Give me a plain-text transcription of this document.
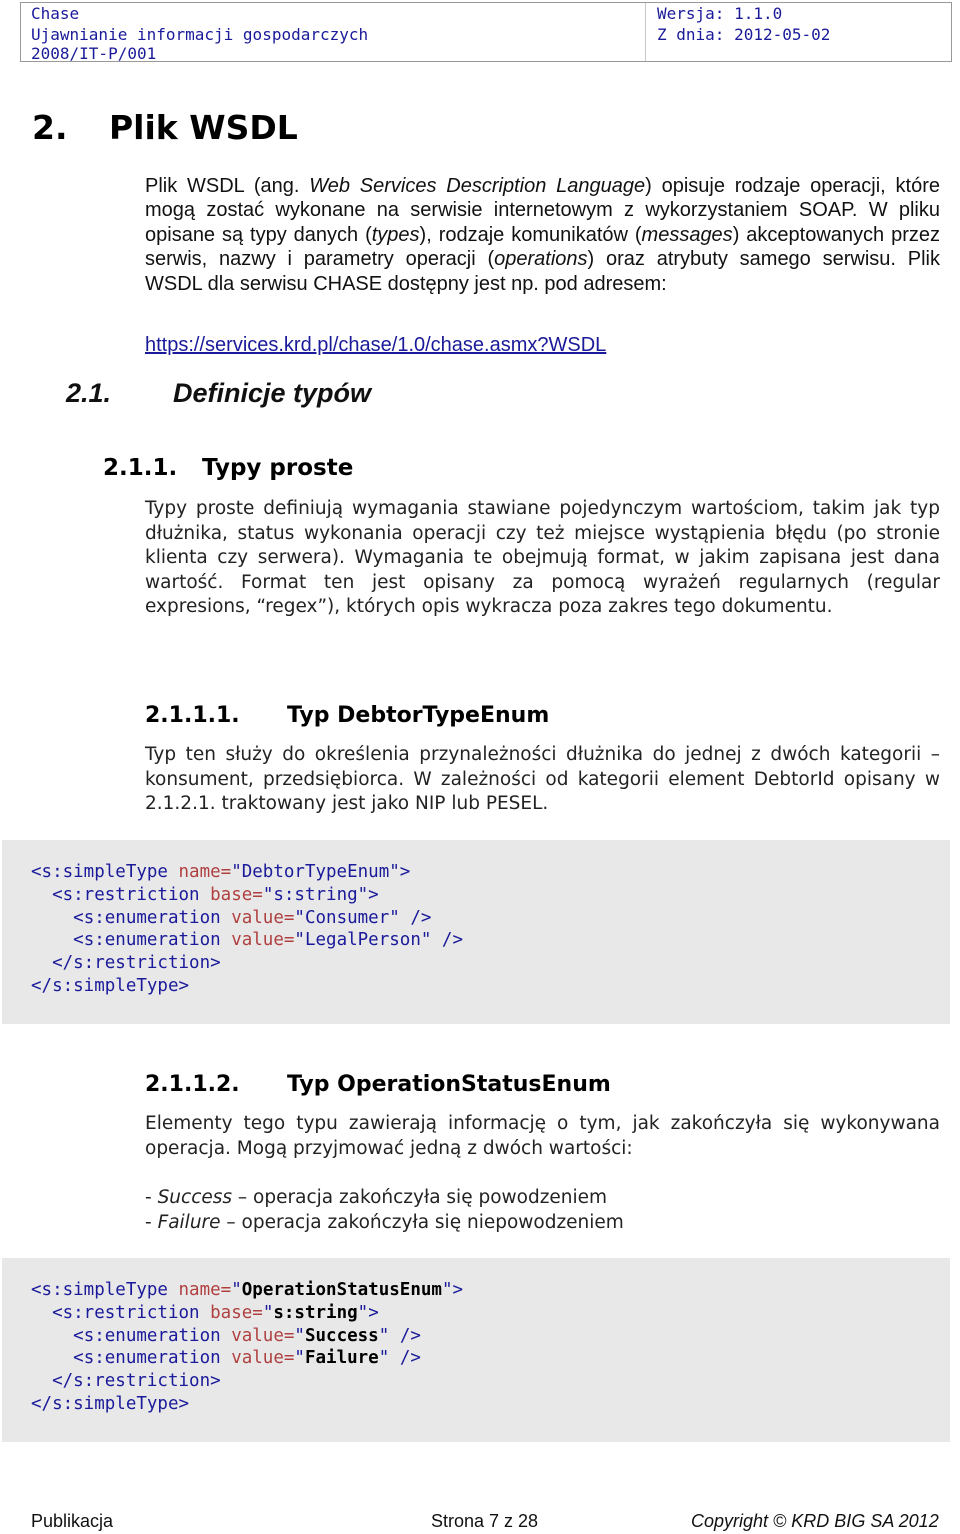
Chase
Ujawnianie informacji gospodarczych
2008/IT-P/001
Wersja: 1.1.0
Z dnia: 2012-05-02
2. Plik WSDL
Plik WSDL (ang. Web Services Description Language) opisuje rodzaje operacji, które mogą zostać wykonane na serwisie internetowym z wykorzystaniem SOAP. W pliku opisane są typy danych (types), rodzaje komunikatów (messages) akceptowanych przez serwis, nazwy i parametry operacji (operations) oraz atrybuty samego serwisu. Plik WSDL dla serwisu CHASE dostępny jest np. pod adresem:
https://services.krd.pl/chase/1.0/chase.asmx?WSDL
2.1. Definicje typów
2.1.1. Typy proste
Typy proste definiują wymagania stawiane pojedynczym wartościom, takim jak typ dłużnika, status wykonania operacji czy też miejsce wystąpienia błędu (po stronie klienta czy serwera). Wymagania te obejmują format, w jakim zapisana jest dana wartość. Format ten jest opisany za pomocą wyrażeń regularnych (regular expresions, “regex”), których opis wykracza poza zakres tego dokumentu.
2.1.1.1. Typ DebtorTypeEnum
Typ ten służy do określenia przynależności dłużnika do jednej z dwóch kategorii – konsument, przedsiębiorca. W zależności od kategorii element DebtorId opisany w 2.1.2.1. traktowany jest jako NIP lub PESEL.
<s:simpleType name="DebtorTypeEnum">
<s:restriction base="s:string">
<s:enumeration value="Consumer" />
<s:enumeration value="LegalPerson" />
</s:restriction>
</s:simpleType>
2.1.1.2. Typ OperationStatusEnum
Elementy tego typu zawierają informację o tym, jak zakończyła się wykonywana operacja. Mogą przyjmować jedną z dwóch wartości:
- Success – operacja zakończyła się powodzeniem
- Failure – operacja zakończyła się niepowodzeniem
<s:simpleType name="OperationStatusEnum">
<s:restriction base="s:string">
<s:enumeration value="Success" />
<s:enumeration value="Failure" />
</s:restriction>
</s:simpleType>
Publikacja	Strona 7 z 28	Copyright © KRD BIG SA 2012
